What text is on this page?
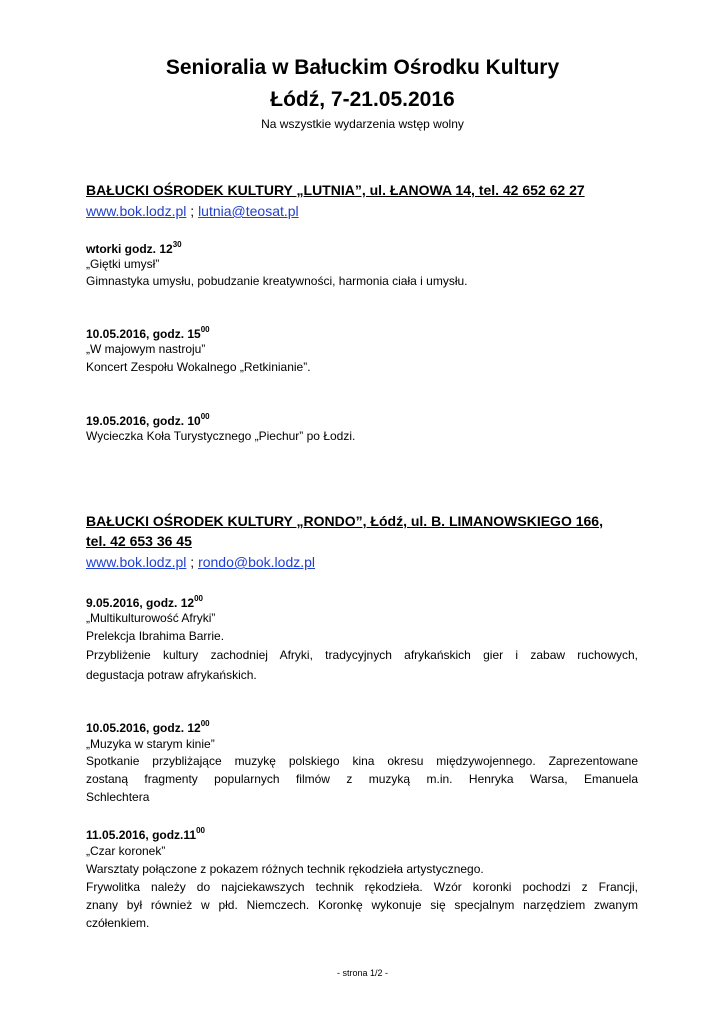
Senioralia w Bałuckim Ośrodku Kultury
Łódź, 7-21.05.2016
Na wszystkie wydarzenia wstęp wolny
BAŁUCKI OŚRODEK KULTURY „LUTNIA”, ul. ŁANOWA 14, tel. 42 652 62 27
www.bok.lodz.pl ; lutnia@teosat.pl
wtorki godz. $12^{30}$
„Giętki umysł”
Gimnastyka umysłu, pobudzanie kreatywności, harmonia ciała i umysłu.
10.05.2016, godz. $15^{00}$
„W majowym nastroju”
Koncert Zespołu Wokalnego „Retkinianie”.
19.05.2016, godz. $10^{00}$
Wycieczka Koła Turystycznego „Piechur” po Łodzi.
BAŁUCKI OŚRODEK KULTURY „RONDO”, Łódź, ul. B. LIMANOWSKIEGO 166,
tel. 42 653 36 45
www.bok.lodz.pl ; rondo@bok.lodz.pl
9.05.2016, godz. $12^{00}$
„Multikulturowość Afryki”
Prelekcja Ibrahima Barrie.
Przybliżenie kultury zachodniej Afryki, tradycyjnych afrykańskich gier i zabaw ruchowych,
degustacja potraw afrykańskich.
10.05.2016, godz. $12^{00}$
„Muzyka w starym kinie”
Spotkanie przybliżające muzykę polskiego kina okresu międzywojennego. Zaprezentowane
zostaną fragmenty popularnych filmów z muzyką m.in. Henryka Warsa, Emanuela
Schlechtera
11.05.2016, $godz.11^{00}$
„Czar koronek”
Warsztaty połączone z pokazem różnych technik rękodzieła artystycznego.
Frywolitka należy do najciekawszych technik rękodzieła. Wzór koronki pochodzi z Francji,
znany był również w płd. Niemczech. Koronkę wykonuje się specjalnym narzędziem zwanym
czółenkiem.
- strona 1/2 -
